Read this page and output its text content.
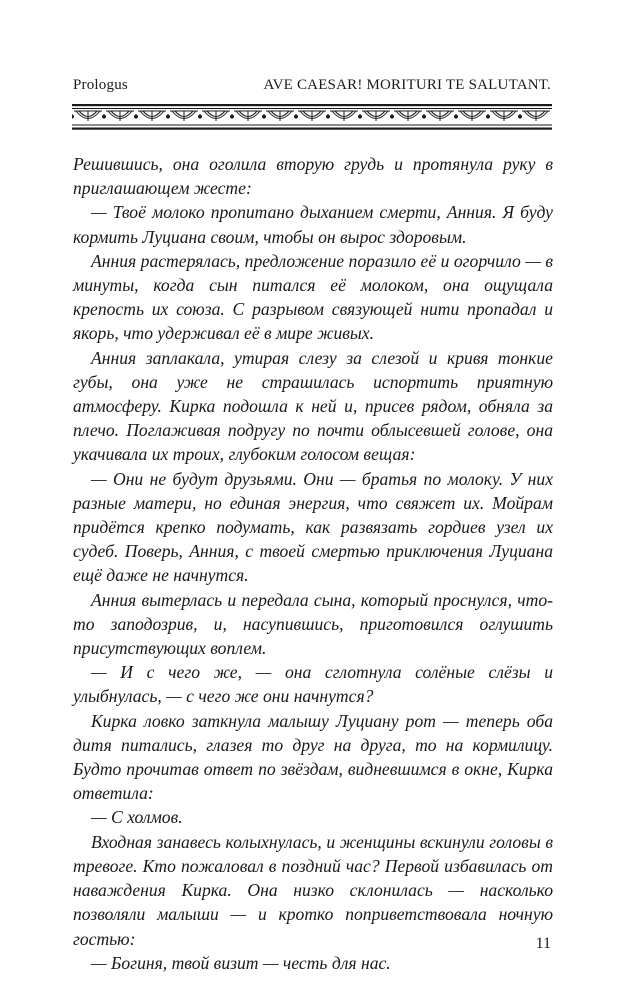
Prologus	AVE CAESAR! MORITURI TE SALUTANT.

Решившись, она оголила вторую грудь и протянула руку в приглашающем жесте:

— Твоё молоко пропитано дыханием смерти, Анния. Я буду кормить Луциана своим, чтобы он вырос здоровым.

Анния растерялась, предложение поразило её и огорчило — в минуты, когда сын питался её молоком, она ощущала крепость их союза. С разрывом связующей нити пропадал и якорь, что удерживал её в мире живых.

Анния заплакала, утирая слезу за слезой и кривя тонкие губы, она уже не страшилась испортить приятную атмосферу. Кирка подошла к ней и, присев рядом, обняла за плечо. Поглаживая подругу по почти облысевшей голове, она укачивала их троих, глубоким голосом вещая:

— Они не будут друзьями. Они — братья по молоку. У них разные матери, но единая энергия, что свяжет их. Мойрам придётся крепко подумать, как развязать гордиев узел их судеб. Поверь, Анния, с твоей смертью приключения Луциана ещё даже не начнутся.

Анния вытерлась и передала сына, который проснулся, что-то заподозрив, и, насупившись, приготовился оглушить присутствующих воплем.

— И с чего же, — она сглотнула солёные слёзы и улыбнулась, — с чего же они начнутся?

Кирка ловко заткнула малышу Луциану рот — теперь оба дитя питались, глазея то друг на друга, то на кормилицу. Будто прочитав ответ по звёздам, видневшимся в окне, Кирка ответила:

— С холмов.

Входная занавесь колыхнулась, и женщины вскинули головы в тревоге. Кто пожаловал в поздний час? Первой избавилась от наваждения Кирка. Она низко склонилась — насколько позволяли малыши — и кротко поприветствовала ночную гостью:

— Богиня, твой визит — честь для нас.

11
